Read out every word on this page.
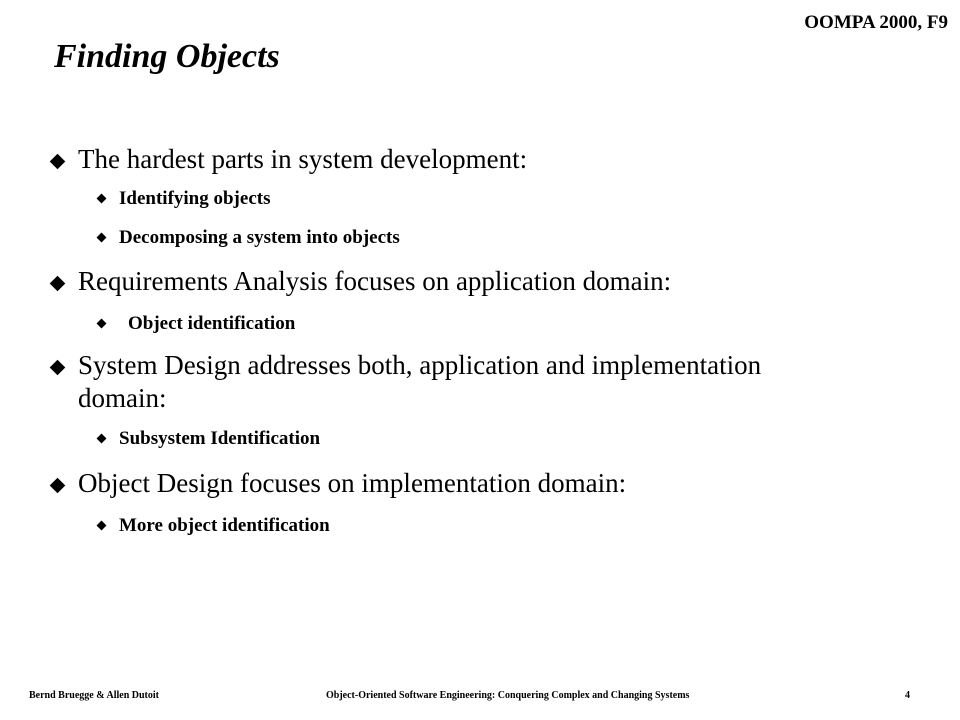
OOMPA 2000, F9
Finding Objects
The hardest parts in system development:
Identifying objects
Decomposing a system into objects
Requirements Analysis focuses on application domain:
Object identification
System Design addresses both, application and implementation
domain:
Subsystem Identification
Object Design focuses on implementation domain:
More object identification
Bernd Bruegge & Allen Dutoit	Object-Oriented Software Engineering: Conquering Complex and Changing Systems	4
